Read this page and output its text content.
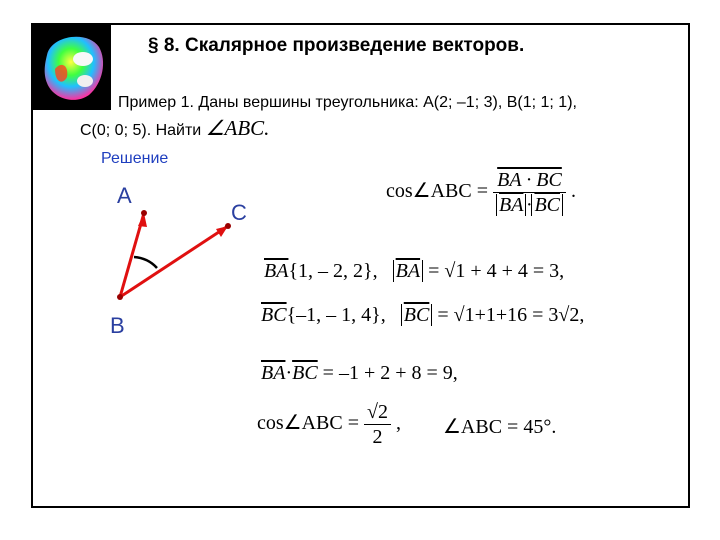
§ 8. Скалярное произведение векторов.
Пример 1. Даны вершины треугольника: A(2; –1; 3), B(1; 1; 1),
C(0; 0; 5). Найти ∠ABC.
Решение
A
C
B
cos∠ABC = $\frac{BA \cdot BC}{\overline{BA} \cdot \overline{BC}}$ .
$\overline{BA}\{1$, – 2, 2}, $\overline{BA} = √1 + 4 + 4 = 3$,
$\overline{BC}\{-1$, – 1, 4}, $\overline{BC} = √1+1+16 = 3√2$,
$\overline{BA}\cdot\overline{BC} = -1 + 2 + 8 = 9$,
cos∠ABC = $\frac{√2}{2}$ , ∠ABC = 45°.
